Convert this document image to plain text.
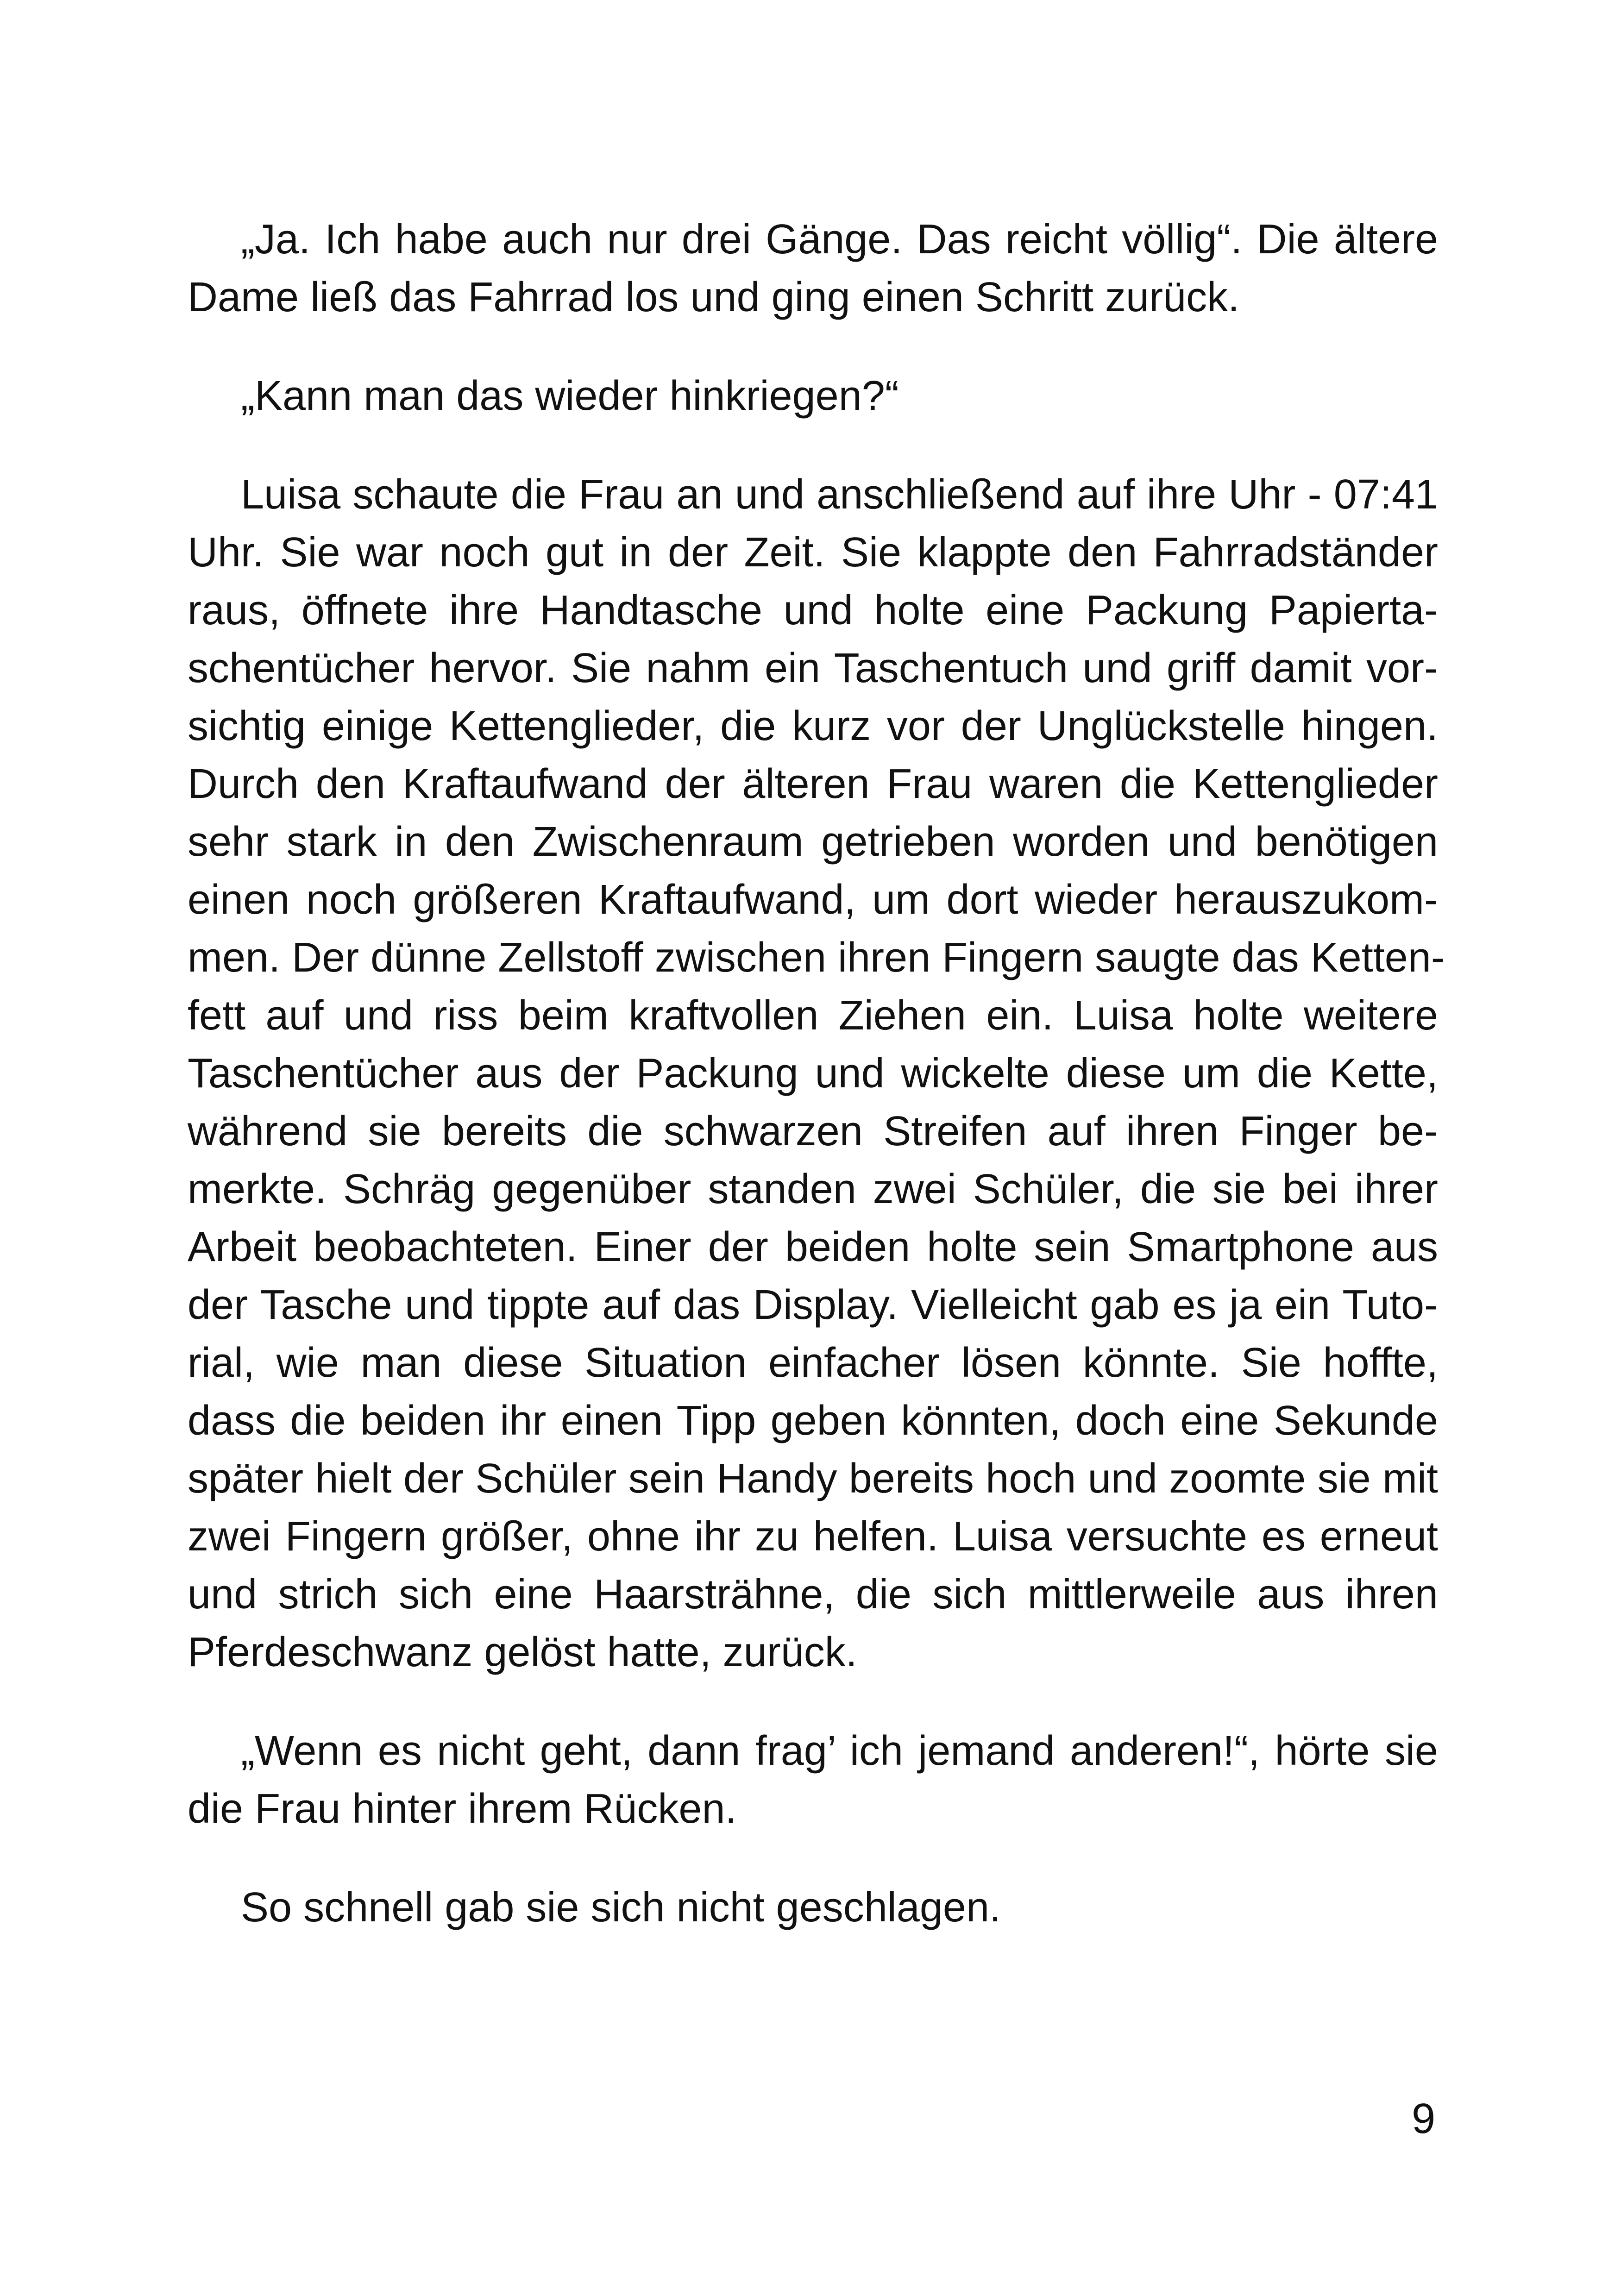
„Ja. Ich habe auch nur drei Gänge. Das reicht völlig“. Die ältere
Dame ließ das Fahrrad los und ging einen Schritt zurück.
„Kann man das wieder hinkriegen?“
Luisa schaute die Frau an und anschließend auf ihre Uhr - 07:41
Uhr. Sie war noch gut in der Zeit. Sie klappte den Fahrradständer
raus, öffnete ihre Handtasche und holte eine Packung Papierta-
schentücher hervor. Sie nahm ein Taschentuch und griff damit vor-
sichtig einige Kettenglieder, die kurz vor der Unglückstelle hingen.
Durch den Kraftaufwand der älteren Frau waren die Kettenglieder
sehr stark in den Zwischenraum getrieben worden und benötigen
einen noch größeren Kraftaufwand, um dort wieder herauszukom-
men. Der dünne Zellstoff zwischen ihren Fingern saugte das Ketten-
fett auf und riss beim kraftvollen Ziehen ein. Luisa holte weitere
Taschentücher aus der Packung und wickelte diese um die Kette,
während sie bereits die schwarzen Streifen auf ihren Finger be-
merkte. Schräg gegenüber standen zwei Schüler, die sie bei ihrer
Arbeit beobachteten. Einer der beiden holte sein Smartphone aus
der Tasche und tippte auf das Display. Vielleicht gab es ja ein Tuto-
rial, wie man diese Situation einfacher lösen könnte. Sie hoffte,
dass die beiden ihr einen Tipp geben könnten, doch eine Sekunde
später hielt der Schüler sein Handy bereits hoch und zoomte sie mit
zwei Fingern größer, ohne ihr zu helfen. Luisa versuchte es erneut
und strich sich eine Haarsträhne, die sich mittlerweile aus ihren
Pferdeschwanz gelöst hatte, zurück.
„Wenn es nicht geht, dann frag’ ich jemand anderen!“, hörte sie
die Frau hinter ihrem Rücken.
So schnell gab sie sich nicht geschlagen.
9
